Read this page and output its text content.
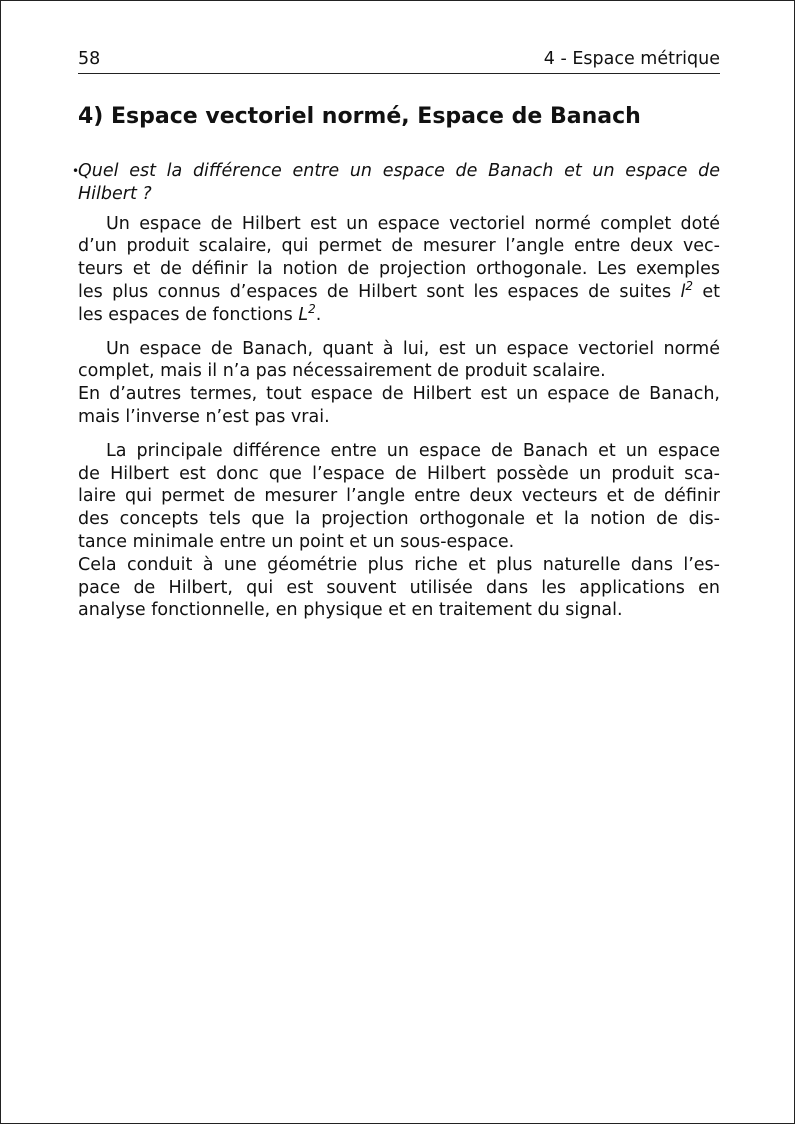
58	4 - Espace métrique
4) Espace vectoriel normé, Espace de Banach

•
Quel est la différence entre un espace de Banach et un espace de Hilbert ?

Un espace de Hilbert est un espace vectoriel normé complet doté
d’un produit scalaire, qui permet de mesurer l’angle entre deux vec-
teurs et de définir la notion de projection orthogonale. Les exemples
les plus connus d’espaces de Hilbert sont les espaces de suites $l^2$ et
les espaces de fonctions $L^2$.
Un espace de Banach, quant à lui, est un espace vectoriel normé
complet, mais il n’a pas nécessairement de produit scalaire.
En d’autres termes, tout espace de Hilbert est un espace de Banach,
mais l’inverse n’est pas vrai.
La principale différence entre un espace de Banach et un espace
de Hilbert est donc que l’espace de Hilbert possède un produit sca-
laire qui permet de mesurer l’angle entre deux vecteurs et de définir
des concepts tels que la projection orthogonale et la notion de dis-
tance minimale entre un point et un sous-espace.
Cela conduit à une géométrie plus riche et plus naturelle dans l’es-
pace de Hilbert, qui est souvent utilisée dans les applications en
analyse fonctionnelle, en physique et en traitement du signal.
